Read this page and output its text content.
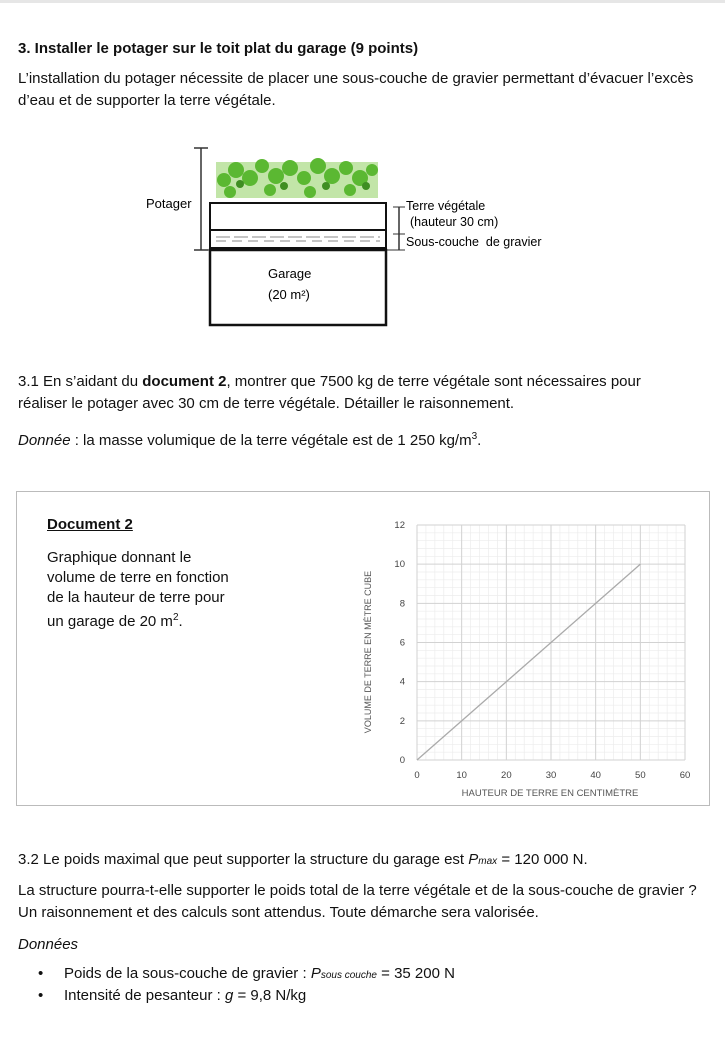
3. Installer le potager sur le toit plat du garage (9 points)
L’installation du potager nécessite de placer une sous-couche de gravier permettant d’évacuer l’excès d’eau et de supporter la terre végétale.
Potager	Terre végétale
(hauteur 30 cm)
Sous-couche  de gravier
Garage
(20 m²)
3.1 En s’aidant du document 2, montrer que 7500 kg de terre végétale sont nécessaires pour
réaliser le potager avec 30 cm de terre végétale. Détailler le raisonnement.
Donnée : la masse volumique de la terre végétale est de 1 250 $kg/m^3$.
Document 2
Graphique donnant le
volume de terre en fonction
de la hauteur de terre pour
un garage de 20 $m^2$.
0	10	20	30	40	50	60
0
2
4
6
8
10
12
HAUTEUR DE TERRE EN CENTIMÈTRE
VOLUME DE TERRE EN MÈTRE CUBE
3.2 Le poids maximal que peut supporter la structure du garage est Pmax = 120 000 N.
La structure pourra-t-elle supporter le poids total de la terre végétale et de la sous-couche de gravier ? Un raisonnement et des calculs sont attendus. Toute démarche sera valorisée.
Données
• Poids de la sous-couche de gravier : Psous couche = 35 200 N
• Intensité de pesanteur : g = 9,8 N/kg
